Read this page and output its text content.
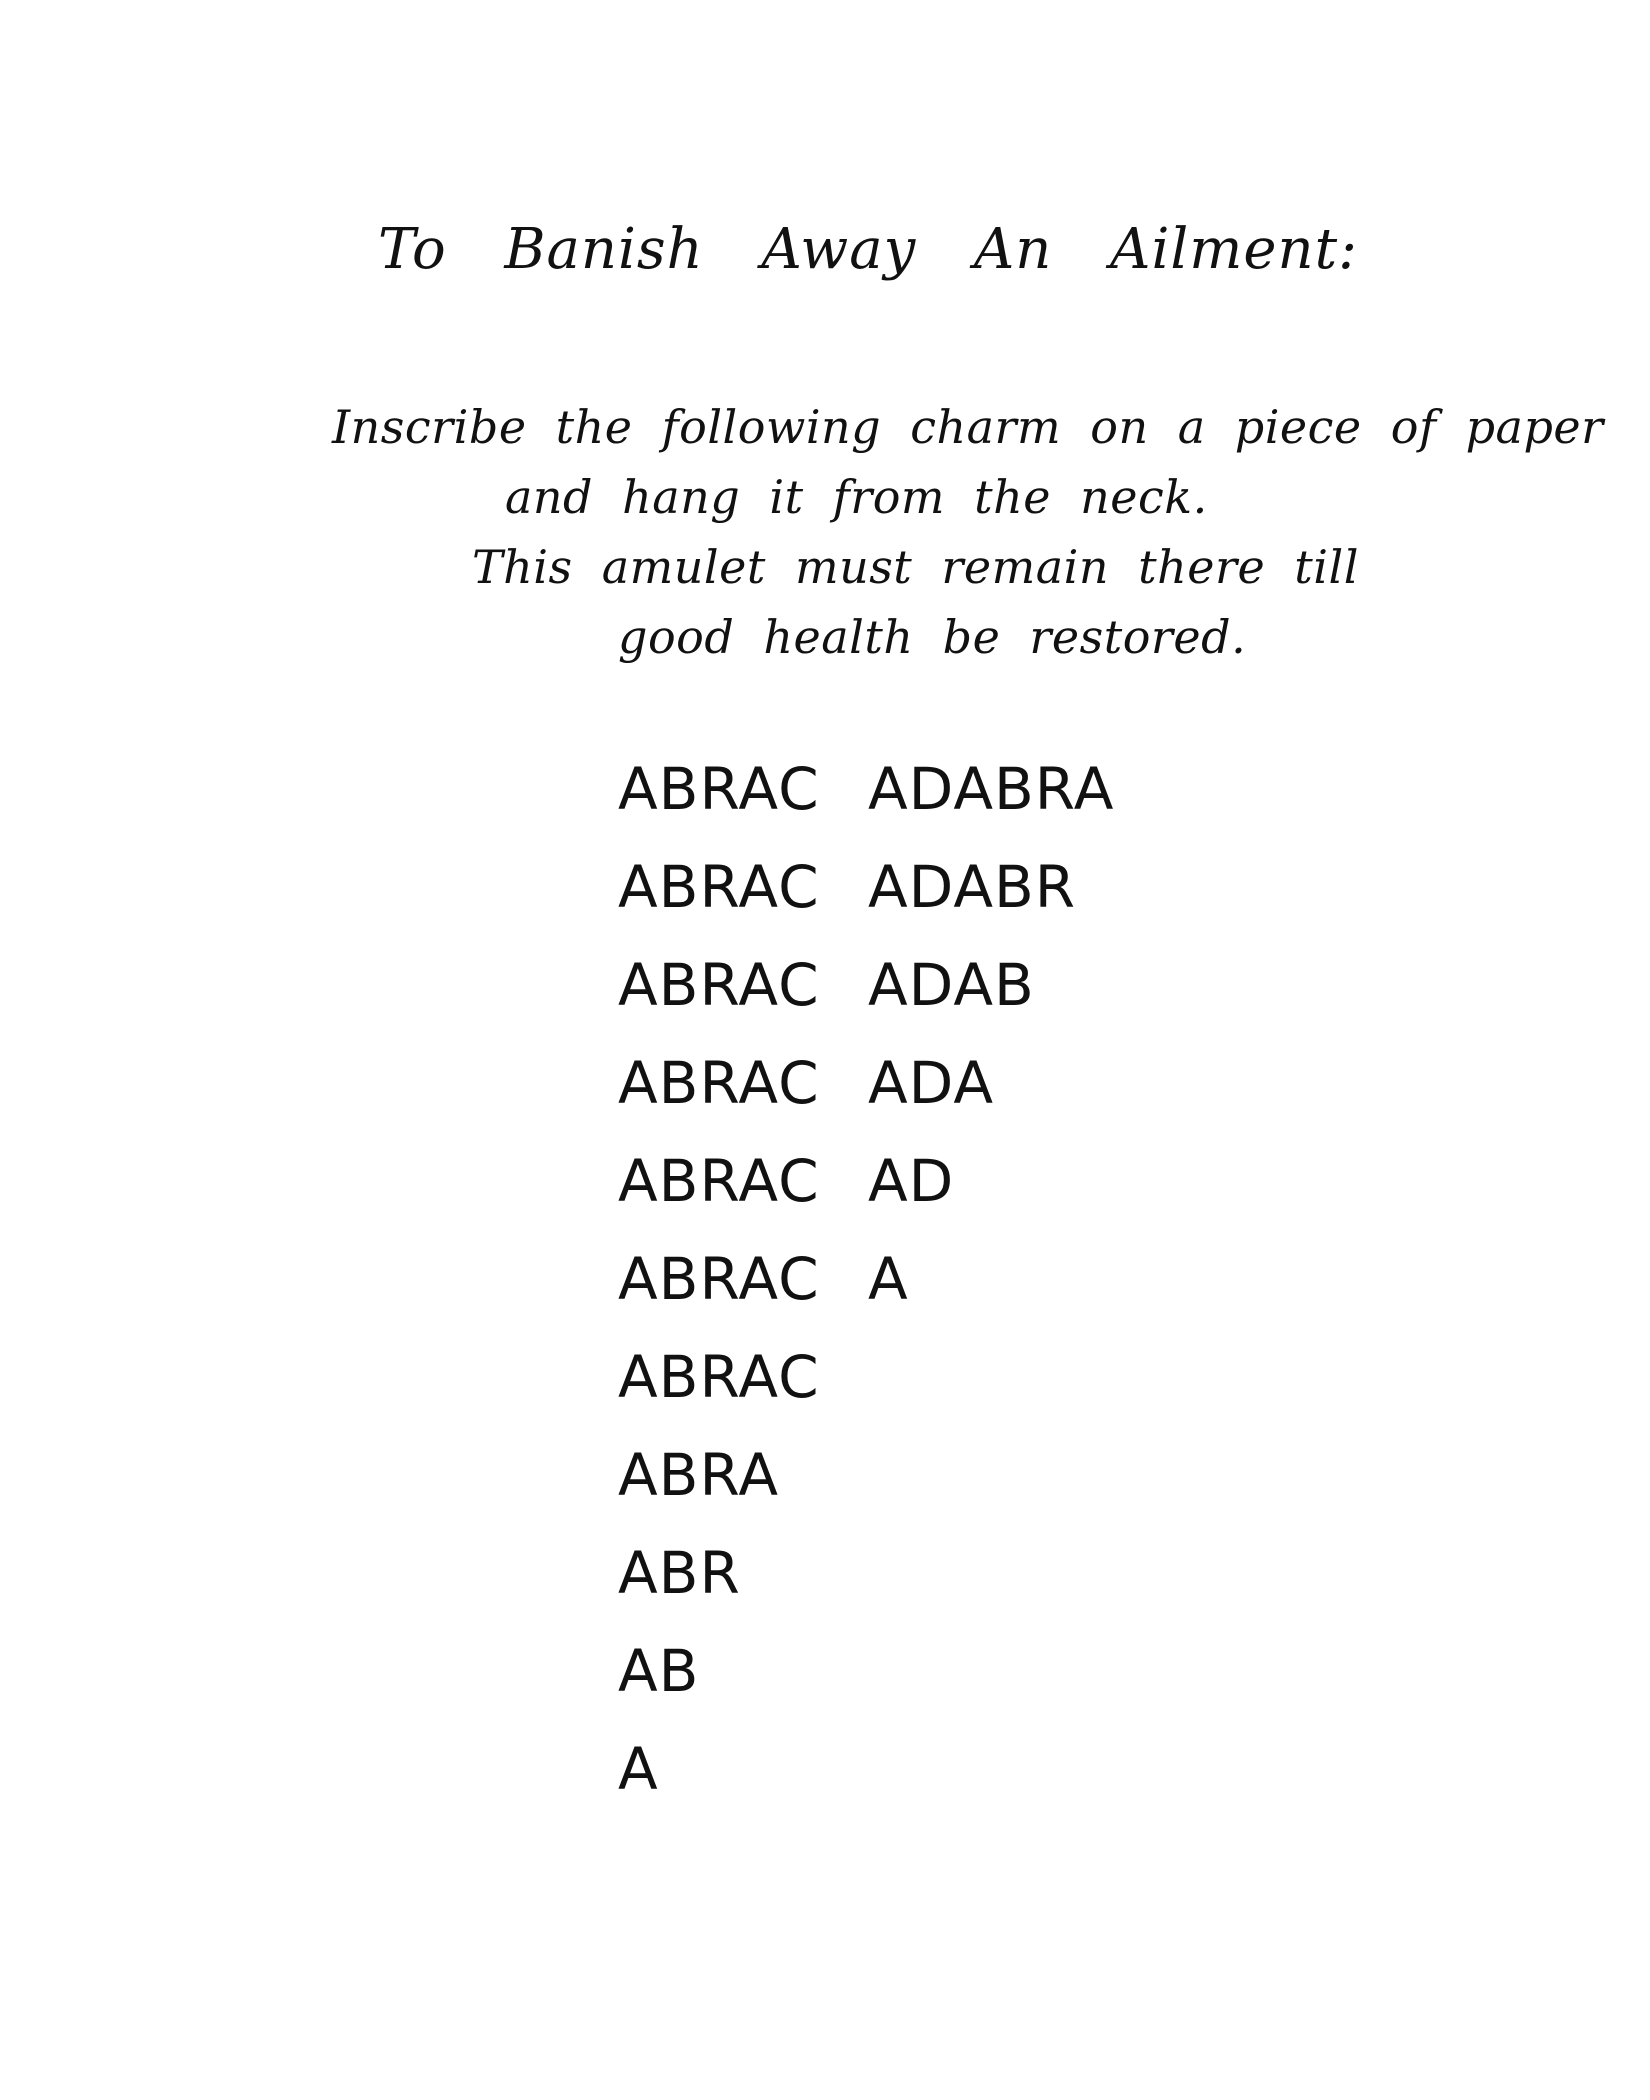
To Banish Away An Ailment:
Inscribe the following charm on a piece of paper
and hang it from the neck.
This amulet must remain there till
good health be restored.
ABRAC ADABRA
ABRAC ADABR
ABRAC ADAB
ABRAC ADA
ABRAC AD
ABRAC A
ABRAC
ABRA
ABR
AB
A
